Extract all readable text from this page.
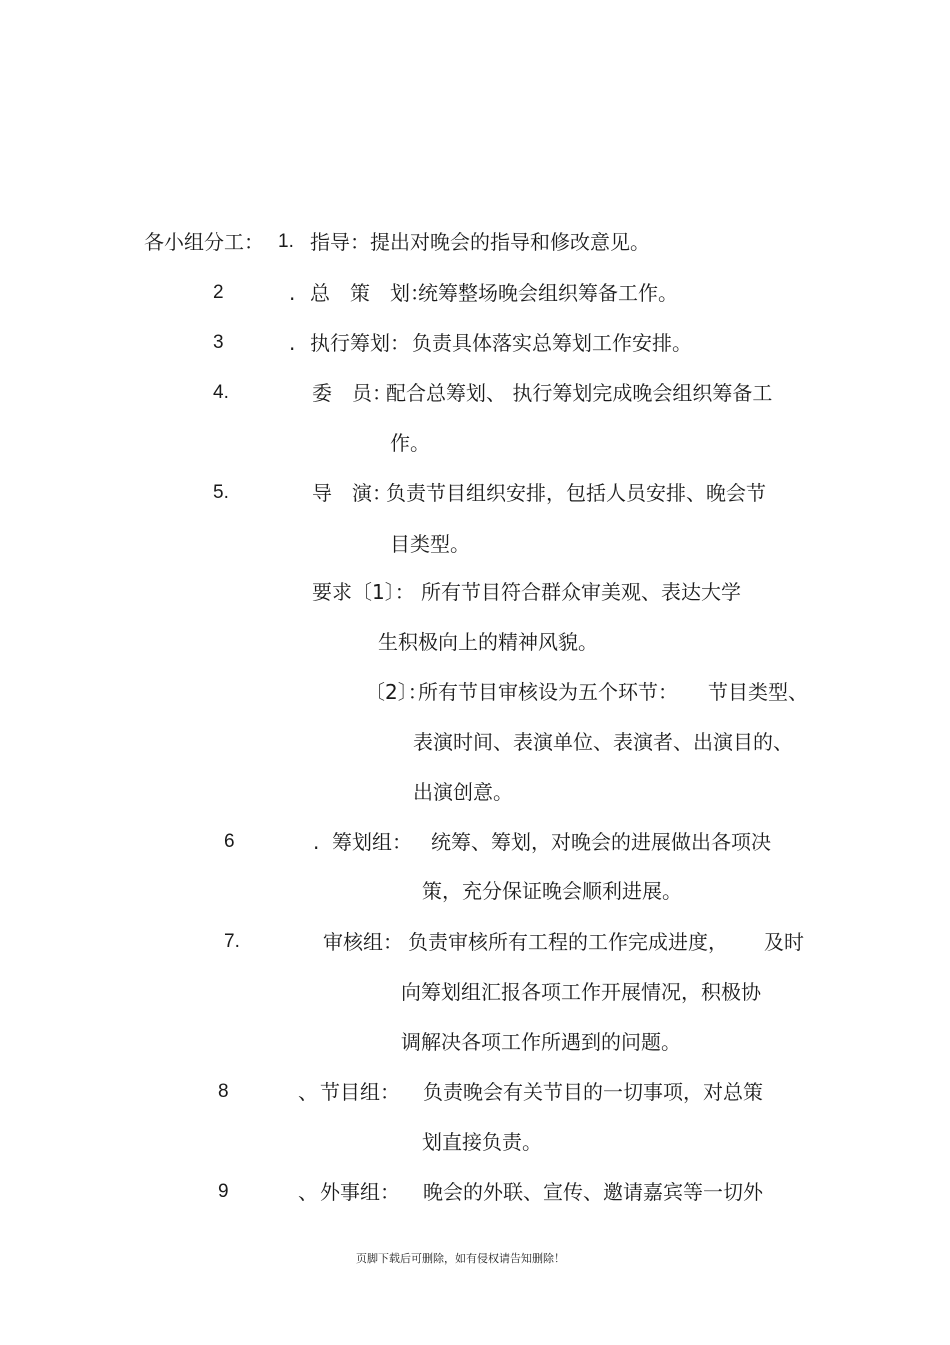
各小组分工： 1. 指导：提出对晚会的指导和修改意见。
2	. 总　策　划：
统筹整场晚会组织筹备工作。
3	. 执行筹划： 负责具体落实总筹划工作安排。
4.	委　员：
配合总筹划、 执行筹划完成晚会组织筹备工
作。
5.	导　演：
负责节目组织安排，包括人员安排、晚会节
目类型。
要求〔1〕： 所有节目符合群众审美观、表达大学
生积极向上的精神风貌。
〔2〕：
所有节目审核设为五个环节： 节目类型、
表演时间、表演单位、表演者、出演目的、
出演创意。
6	. 筹划组： 统筹、筹划，对晚会的进展做出各项决
策，充分保证晚会顺利进展。
7.	审核组： 负责审核所有工程的工作完成进度， 及时
向筹划组汇报各项工作开展情况，积极协
调解决各项工作所遇到的问题。
8	、 节目组： 负责晚会有关节目的一切事项，对总策
划直接负责。
9	、 外事组： 晚会的外联、宣传、邀请嘉宾等一切外
页脚下载后可删除，如有侵权请告知删除！
